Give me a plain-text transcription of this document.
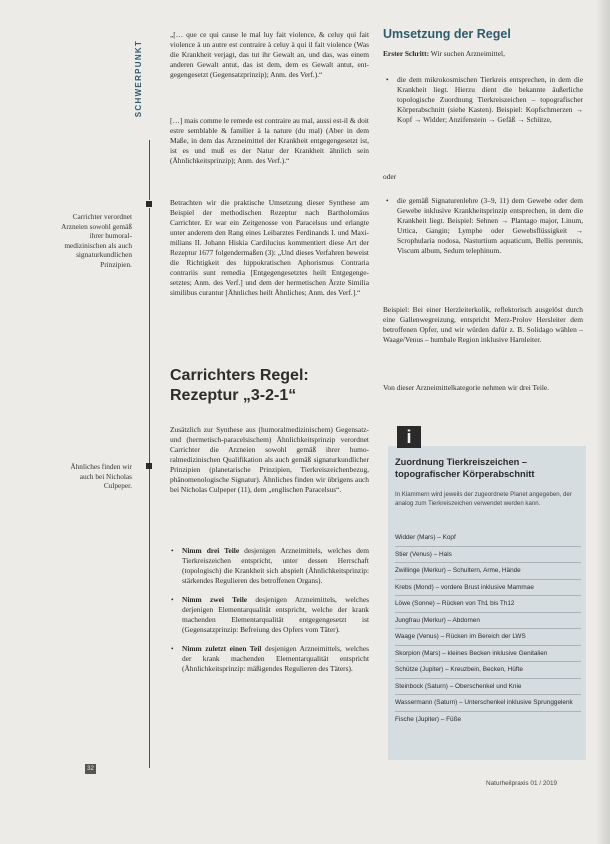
SCHWERPUNKT
Carrichter verordnet Arzneien sowohl gemäß ihrer humoralmedizinischen als auch signaturkundlichen Prinzipien.
Ähnliches finden wir auch bei Nicholas Culpeper.

„[… que ce qui cause le mal luy fait violence, & celuy qui fait violence à un autre est contraire à celuy à qui il fait violence (Was die Krankheit verjagt, das tut ihr Gewalt an, und das, was einem anderen Gewalt antut, das ist dem, dem es Gewalt antut, entgegengesetzt (Gegensatzprinzip); Anm. des Verf.).“

[…] mais comme le remede est contraire au mal, aussi est-il & doit estre semblable & familier à la nature (du mal) (Aber in dem Maße, in dem das Arzneimittel der Krankheit entgegengesetzt ist, ist es und muß es der Natur der Krankheit ähnlich sein (Ähnlichkeitsprinzip); Anm. des Verf.).“

Betrachten wir die praktische Umsetzung dieser Synthese am Beispiel der methodischen Rezeptur nach Bartholomäus Carrichter. Er war ein Zeitgenosse von Paracelsus und erlangte unter anderem den Rang eines Leibarztes Ferdinands I. und Maximilians II. Johann Hiskia Cardilucius kommentiert diese Art der Rezeptur 1677 folgendermaßen (3): „Und dieses Verfahren beweist die Richtigkeit des hippokratischen Aphorismus Contraria contrariis sunt remedia [Entgegengesetztes heilt Entgegengesetztes; Anm. des Verf.] und dem der hermetischen Ärzte Similia similibus curantur [Ähnliches heilt Ähnliches; Anm. des Verf.].“

Carrichters Regel: Rezeptur „3-2-1“

Zusätzlich zur Synthese aus (humoralmedizinischem) Gegensatz- und (hermetisch-paracelsischem) Ähnlichkeitsprinzip verordnet Carrichter die Arzneien sowohl gemäß ihrer humoralmedizinischen Qualifikation als auch gemäß signaturkundlicher Prinzipien (planetarische Prinzipien, Tierkreiszeichenbezug, phänomenologische Signatur). Ähnliches finden wir übrigens auch bei Nicholas Culpeper (11), dem „englischen Paracelsus“.

• Nimm drei Teile desjenigen Arzneimittels, welches dem Tierkreiszeichen entspricht, unter dessen Herrschaft (topologisch) die Krankheit sich abspielt (Ähnlichkeitsprinzip: stärkendes Regulieren des betroffenen Organs).
• Nimm zwei Teile desjenigen Arzneimittels, welches derjenigen Elementarqualität entspricht, welche der krank machenden Elementarqualität entgegengesetzt ist (Gegensatzprinzip: Befreiung des Opfers vom Täter).
• Nimm zuletzt einen Teil desjenigen Arzneimittels, welches der krank machenden Elementarqualität entspricht (Ähnlichkeitsprinzip: mäßigendes Regulieren des Täters).
Umsetzung der Regel

Erster Schritt: Wir suchen Arzneimittel,

• die dem mikrokosmischen Tierkreis entsprechen, in dem die Krankheit liegt. Hierzu dient die bekannte äußerliche topologische Zuordnung Tierkreiszeichen – topografischer Körperabschnitt (siehe Kasten). Beispiel: Kopfschmerzen → Kopf → Widder; Anzifenstein → Gefäß → Schütze,

oder

• die gemäß Signaturenlehre (3–9, 11) dem Gewebe oder dem Gewebe inklusive Krankheitsprinzip entsprechen, in dem die Krankheit liegt. Beispiel: Sehnen → Plantago major, Linum, Urtica, Gangin; Lymphe oder Gewebsflüssigkeit → Scrophularia nodosa, Nasturtium aquaticum, Bellis perennis, Viscum album, Sedum telephinum.

Beispiel: Bei einer Herzleiterkolik, reflektorisch ausgelöst durch eine Gallenwegreizung, entspricht Merz-Prolov Hersleiter dem betroffenen Opfer, und wir würden dafür z. B. Solidago wählen – Waage/Venus – humbale Region inklusive Harnleiter.

Von dieser Arzneimittelkategorie nehmen wir drei Teile.

i
Zuordnung Tierkreiszeichen – topografischer Körperabschnitt
In Klammern wird jeweils der zugeordnete Planet angegeben, der analog zum Tierkreiszeichen verwendet werden kann.
Widder (Mars) – Kopf
Stier (Venus) – Hals
Zwillinge (Merkur) – Schultern, Arme, Hände
Krebs (Mond) – vordere Brust inklusive Mammae
Löwe (Sonne) – Rücken von Th1 bis Th12
Jungfrau (Merkur) – Abdomen
Waage (Venus) – Rücken im Bereich der LWS
Skorpion (Mars) – kleines Becken inklusive Genitalien
Schütze (Jupiter) – Kreuzbein, Becken, Hüfte
Steinbock (Saturn) – Oberschenkel und Knie
Wassermann (Saturn) – Unterschenkel inklusive Sprunggelenk
Fische (Jupiter) – Füße
32
Naturheilpraxis 01 / 2019
